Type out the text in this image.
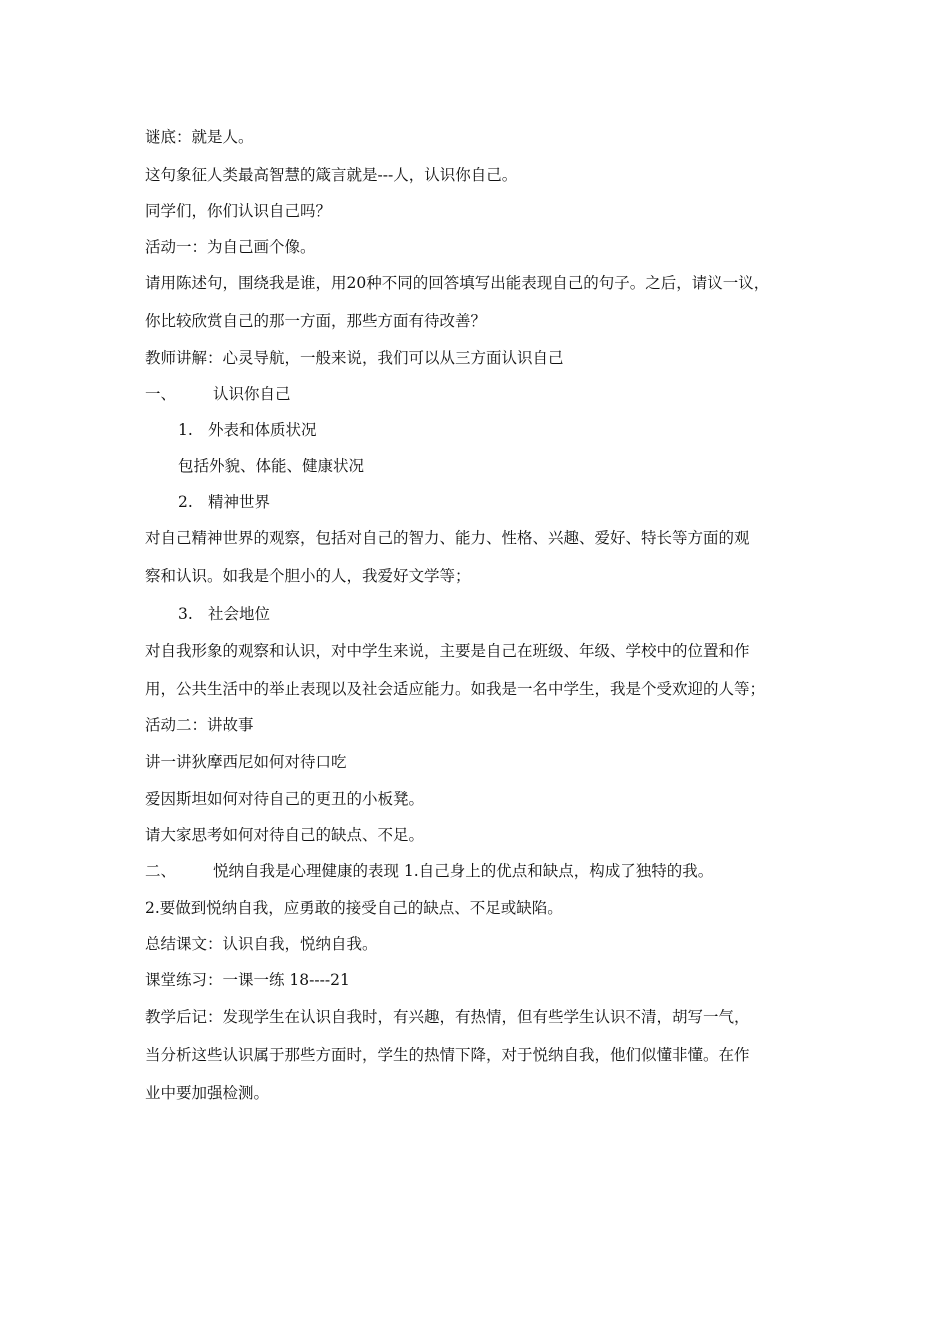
谜底：就是人。
这句象征人类最高智慧的箴言就是---人，认识你自己。
同学们，你们认识自己吗？
活动一：为自己画个像。
请用陈述句，围绕我是谁，用20种不同的回答填写出能表现自己的句子。之后，请议一议，
你比较欣赏自己的那一方面，那些方面有待改善？
教师讲解：心灵导航，一般来说，我们可以从三方面认识自己
一、 认识你自己
1. 外表和体质状况
包括外貌、体能、健康状况
2. 精神世界
对自己精神世界的观察，包括对自己的智力、能力、性格、兴趣、爱好、特长等方面的观
察和认识。如我是个胆小的人，我爱好文学等；
3. 社会地位
对自我形象的观察和认识，对中学生来说，主要是自己在班级、年级、学校中的位置和作
用，公共生活中的举止表现以及社会适应能力。如我是一名中学生，我是个受欢迎的人等；
活动二：讲故事
讲一讲狄摩西尼如何对待口吃
爱因斯坦如何对待自己的更丑的小板凳。
请大家思考如何对待自己的缺点、不足。
二、 悦纳自我是心理健康的表现 1.自己身上的优点和缺点，构成了独特的我。
2.要做到悦纳自我，应勇敢的接受自己的缺点、不足或缺陷。
总结课文：认识自我，悦纳自我。
课堂练习：一课一练 18----21
教学后记：发现学生在认识自我时，有兴趣，有热情，但有些学生认识不清，胡写一气，
当分析这些认识属于那些方面时，学生的热情下降，对于悦纳自我，他们似懂非懂。在作
业中要加强检测。
